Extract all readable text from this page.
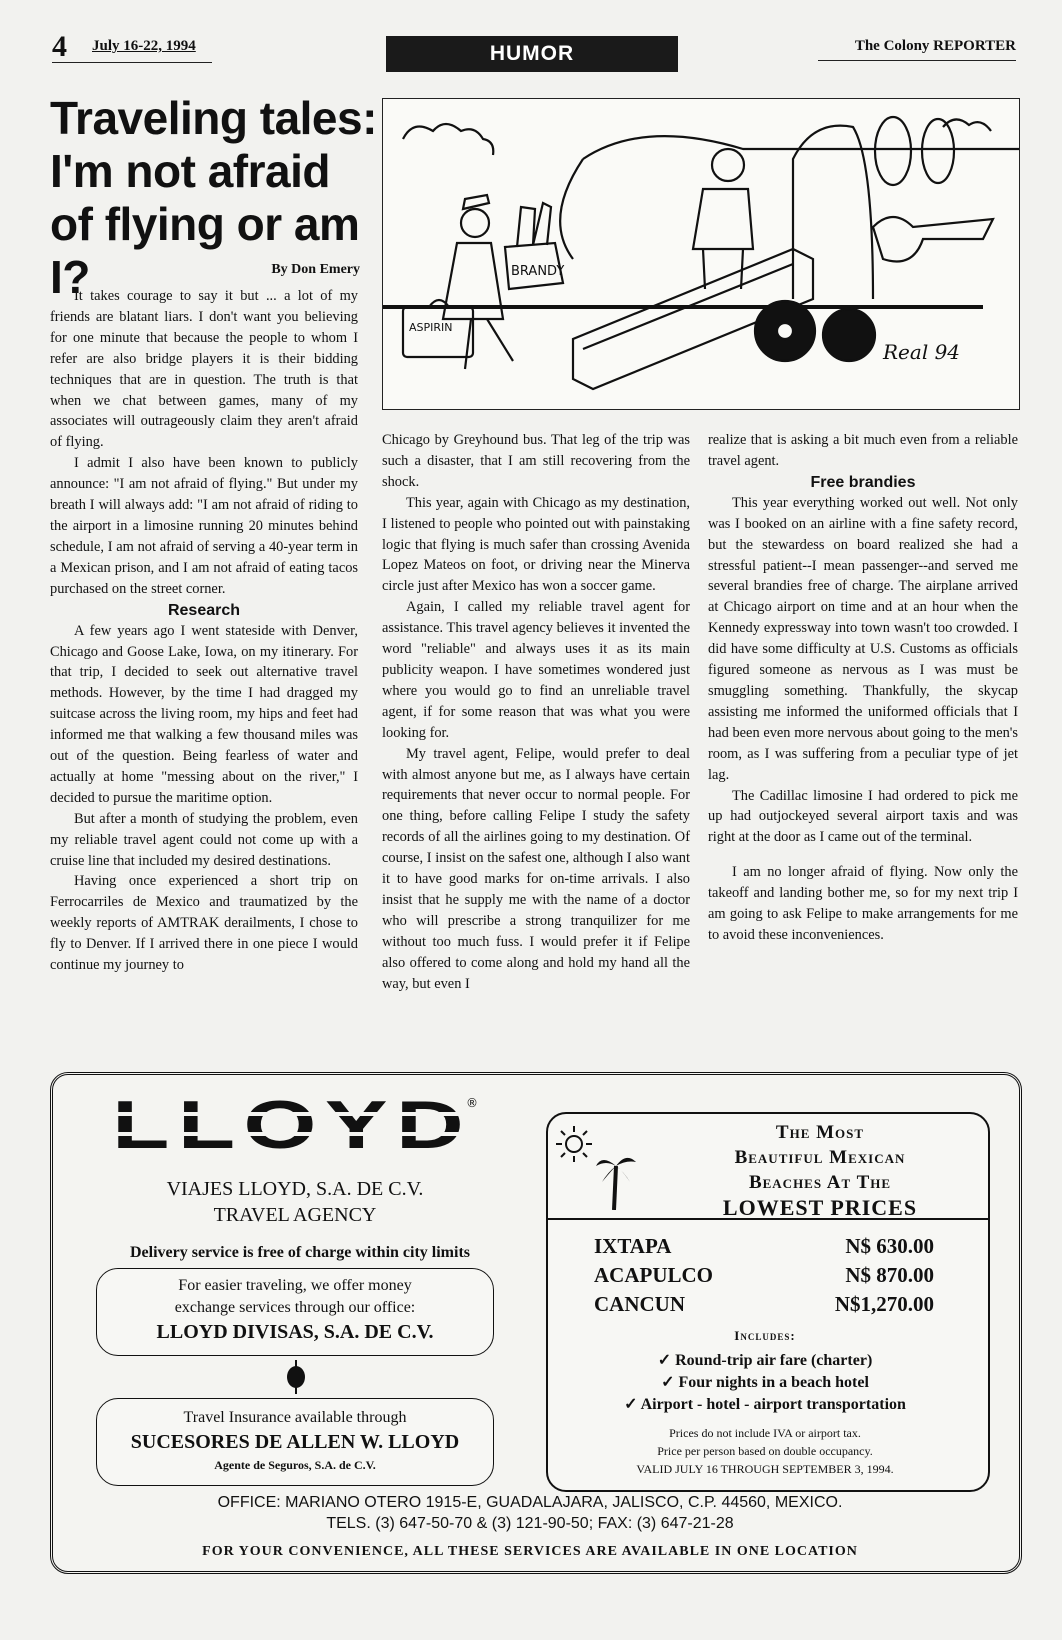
4 July 16-22, 1994	HUMOR	The Colony REPORTER
Traveling tales: I'm not afraid of flying or am I?	By Don Emery	BRANDY
ASPIRIN
Real 94

It takes courage to say it but ... a lot of my friends are blatant liars. I don't want you believing for one minute that because the people to whom I refer are also bridge players it is their bidding techniques that are in question. The truth is that when we chat between games, many of my associates will outrageously claim they aren't afraid of flying.

I admit I also have been known to publicly announce: "I am not afraid of flying." But under my breath I will always add: "I am not afraid of riding to the airport in a limosine running 20 minutes behind schedule, I am not afraid of serving a 40-year term in a Mexican prison, and I am not afraid of eating tacos purchased on the street corner.

Research

A few years ago I went stateside with Denver, Chicago and Goose Lake, Iowa, on my itinerary. For that trip, I decided to seek out alternative travel methods. However, by the time I had dragged my suitcase across the living room, my hips and feet had informed me that walking a few thousand miles was out of the question. Being fearless of water and actually at home "messing about on the river," I decided to pursue the maritime option.

But after a month of studying the problem, even my reliable travel agent could not come up with a cruise line that included my desired destinations.

Having once experienced a short trip on Ferrocarriles de Mexico and traumatized by the weekly reports of AMTRAK derailments, I chose to fly to Denver. If I arrived there in one piece I would continue my journey to

Chicago by Greyhound bus. That leg of the trip was such a disaster, that I am still recovering from the shock.

This year, again with Chicago as my destination, I listened to people who pointed out with painstaking logic that flying is much safer than crossing Avenida Lopez Mateos on foot, or driving near the Minerva circle just after Mexico has won a soccer game.

Again, I called my reliable travel agent for assistance. This travel agency believes it invented the word "reliable" and always uses it as its main publicity weapon. I have sometimes wondered just where you would go to find an unreliable travel agent, if for some reason that was what you were looking for.

My travel agent, Felipe, would prefer to deal with almost anyone but me, as I always have certain requirements that never occur to normal people. For one thing, before calling Felipe I study the safety records of all the airlines going to my destination. Of course, I insist on the safest one, although I also want it to have good marks for on-time arrivals. I also insist that he supply me with the name of a doctor who will prescribe a strong tranquilizer for me without too much fuss. I would prefer it if Felipe also offered to come along and hold my hand all the way, but even I

realize that is asking a bit much even from a reliable travel agent.

Free brandies

This year everything worked out well. Not only was I booked on an airline with a fine safety record, but the stewardess on board realized she had a stressful patient--I mean passenger--and served me several brandies free of charge. The airplane arrived at Chicago airport on time and at an hour when the Kennedy expressway into town wasn't too crowded. I did have some difficulty at U.S. Customs as officials figured someone as nervous as I was must be smuggling something. Thankfully, the skycap assisting me informed the uniformed officials that I had been even more nervous about going to the men's room, as I was suffering from a peculiar type of jet lag.

The Cadillac limosine I had ordered to pick me up had outjockeyed several airport taxis and was right at the door as I came out of the terminal.

I am no longer afraid of flying. Now only the takeoff and landing bother me, so for my next trip I am going to ask Felipe to make arrangements for me to avoid these inconveniences.

LLOYD
®
VIAJES LLOYD, S.A. DE C.V.
TRAVEL AGENCY
Delivery service is free of charge within city limits
For easier traveling, we offer money
exchange services through our office:
LLOYD DIVISAS, S.A. DE C.V.
Travel Insurance available through
SUCESORES DE ALLEN W. LLOYD
Agente de Seguros, S.A. de C.V.
The Most
Beautiful Mexican
Beaches At The
LOWEST PRICES
IXTAPA	N$ 630.00
ACAPULCO	N$ 870.00
CANCUN	N$1,270.00
Includes:
✓ Round-trip air fare (charter)
✓ Four nights in a beach hotel
✓ Airport - hotel - airport transportation
Prices do not include IVA or airport tax.
Price per person based on double occupancy.
VALID JULY 16 THROUGH SEPTEMBER 3, 1994.
OFFICE: MARIANO OTERO 1915-E, GUADALAJARA, JALISCO, C.P. 44560, MEXICO.
TELS. (3) 647-50-70 & (3) 121-90-50; FAX: (3) 647-21-28
FOR YOUR CONVENIENCE, ALL THESE SERVICES ARE AVAILABLE IN ONE LOCATION
